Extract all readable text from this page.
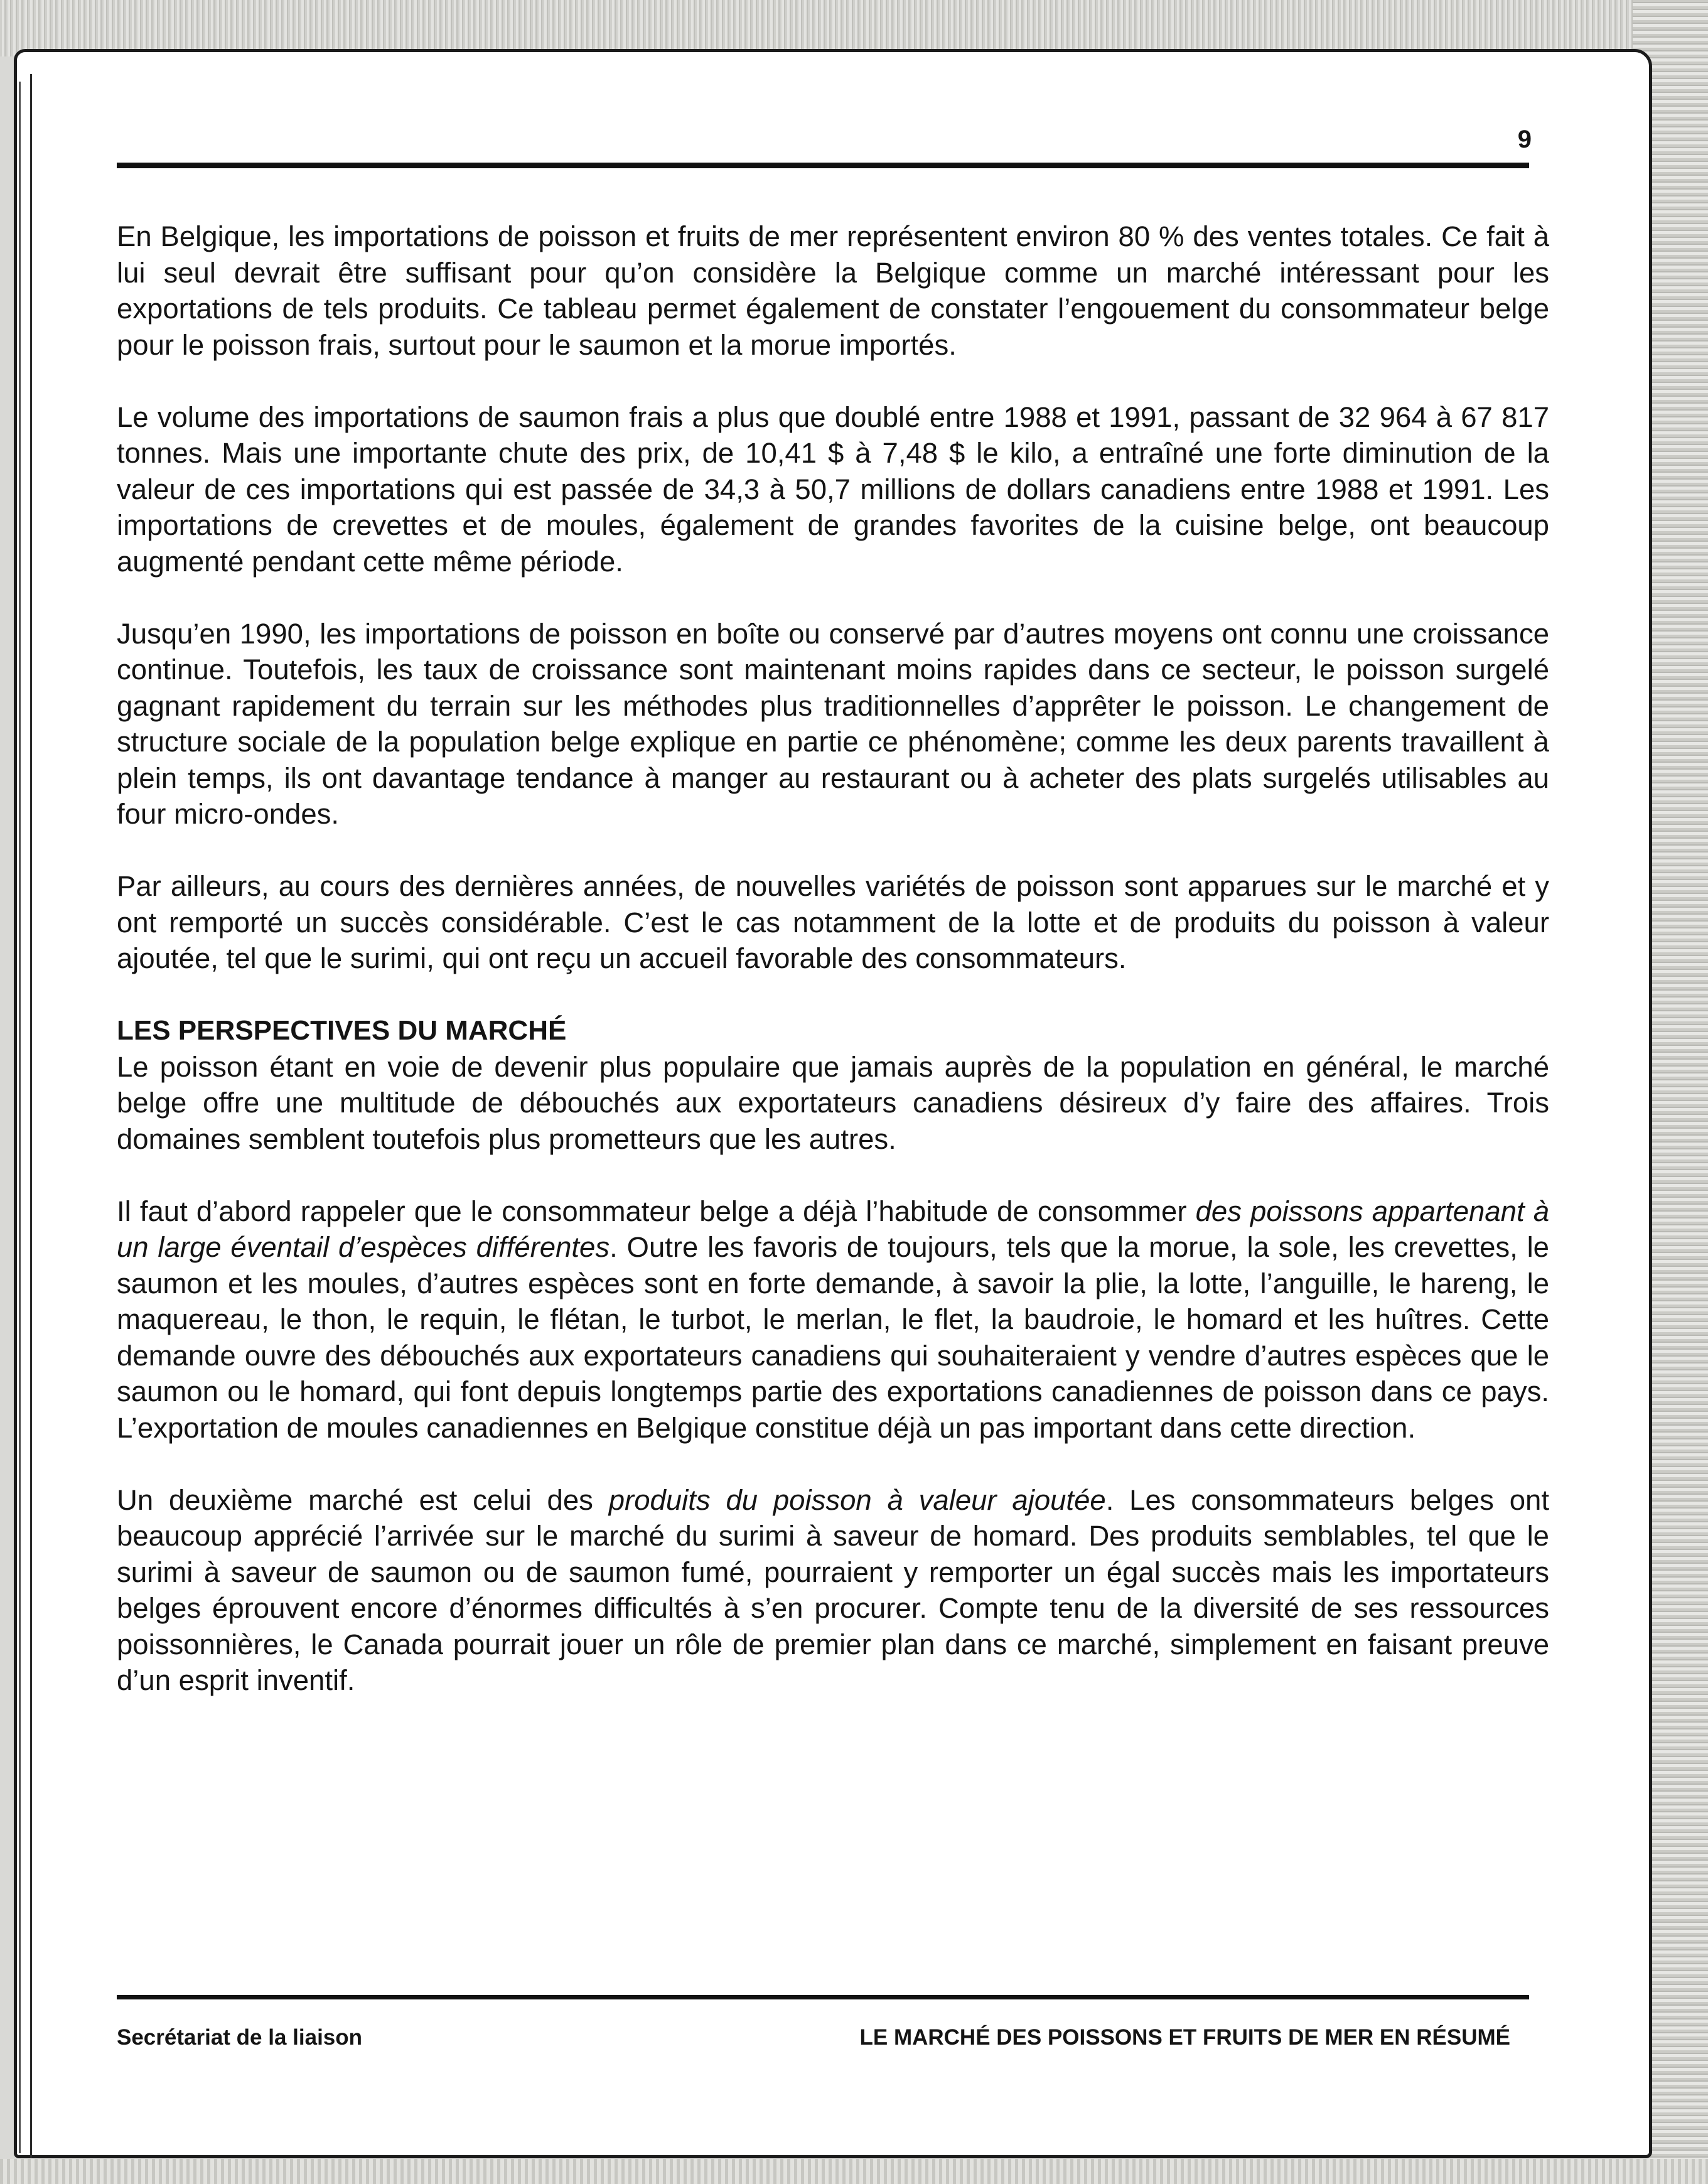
9

En Belgique, les importations de poisson et fruits de mer représentent environ 80 % des ventes totales. Ce fait à lui seul devrait être suffisant pour qu’on considère la Belgique comme un marché intéressant pour les exportations de tels produits. Ce tableau permet également de constater l’engouement du consommateur belge pour le poisson frais, surtout pour le saumon et la morue importés.

Le volume des importations de saumon frais a plus que doublé entre 1988 et 1991, passant de 32 964 à 67 817 tonnes. Mais une importante chute des prix, de 10,41 $ à 7,48 $ le kilo, a entraîné une forte diminution de la valeur de ces importations qui est passée de 34,3 à 50,7 millions de dollars canadiens entre 1988 et 1991. Les importations de crevettes et de moules, également de grandes favorites de la cuisine belge, ont beaucoup augmenté pendant cette même période.

Jusqu’en 1990, les importations de poisson en boîte ou conservé par d’autres moyens ont connu une croissance continue. Toutefois, les taux de croissance sont maintenant moins rapides dans ce secteur, le poisson surgelé gagnant rapidement du terrain sur les méthodes plus traditionnelles d’apprêter le poisson. Le changement de structure sociale de la population belge explique en partie ce phénomène; comme les deux parents travaillent à plein temps, ils ont davantage tendance à manger au restaurant ou à acheter des plats surgelés utilisables au four micro-ondes.

Par ailleurs, au cours des dernières années, de nouvelles variétés de poisson sont apparues sur le marché et y ont remporté un succès considérable. C’est le cas notamment de la lotte et de produits du poisson à valeur ajoutée, tel que le surimi, qui ont reçu un accueil favorable des consommateurs.

LES PERSPECTIVES DU MARCHÉ

Le poisson étant en voie de devenir plus populaire que jamais auprès de la population en général, le marché belge offre une multitude de débouchés aux exportateurs canadiens désireux d’y faire des affaires. Trois domaines semblent toutefois plus prometteurs que les autres.

Il faut d’abord rappeler que le consommateur belge a déjà l’habitude de consommer des poissons appartenant à un large éventail d’espèces différentes. Outre les favoris de toujours, tels que la morue, la sole, les crevettes, le saumon et les moules, d’autres espèces sont en forte demande, à savoir la plie, la lotte, l’anguille, le hareng, le maquereau, le thon, le requin, le flétan, le turbot, le merlan, le flet, la baudroie, le homard et les huîtres. Cette demande ouvre des débouchés aux exportateurs canadiens qui souhaiteraient y vendre d’autres espèces que le saumon ou le homard, qui font depuis longtemps partie des exportations canadiennes de poisson dans ce pays. L’exportation de moules canadiennes en Belgique constitue déjà un pas important dans cette direction.

Un deuxième marché est celui des produits du poisson à valeur ajoutée. Les consommateurs belges ont beaucoup apprécié l’arrivée sur le marché du surimi à saveur de homard. Des produits semblables, tel que le surimi à saveur de saumon ou de saumon fumé, pourraient y remporter un égal succès mais les importateurs belges éprouvent encore d’énormes difficultés à s’en procurer. Compte tenu de la diversité de ses ressources poissonnières, le Canada pourrait jouer un rôle de premier plan dans ce marché, simplement en faisant preuve d’un esprit inventif.

Secrétariat de la liaison	LE MARCHÉ DES POISSONS ET FRUITS DE MER EN RÉSUMÉ
